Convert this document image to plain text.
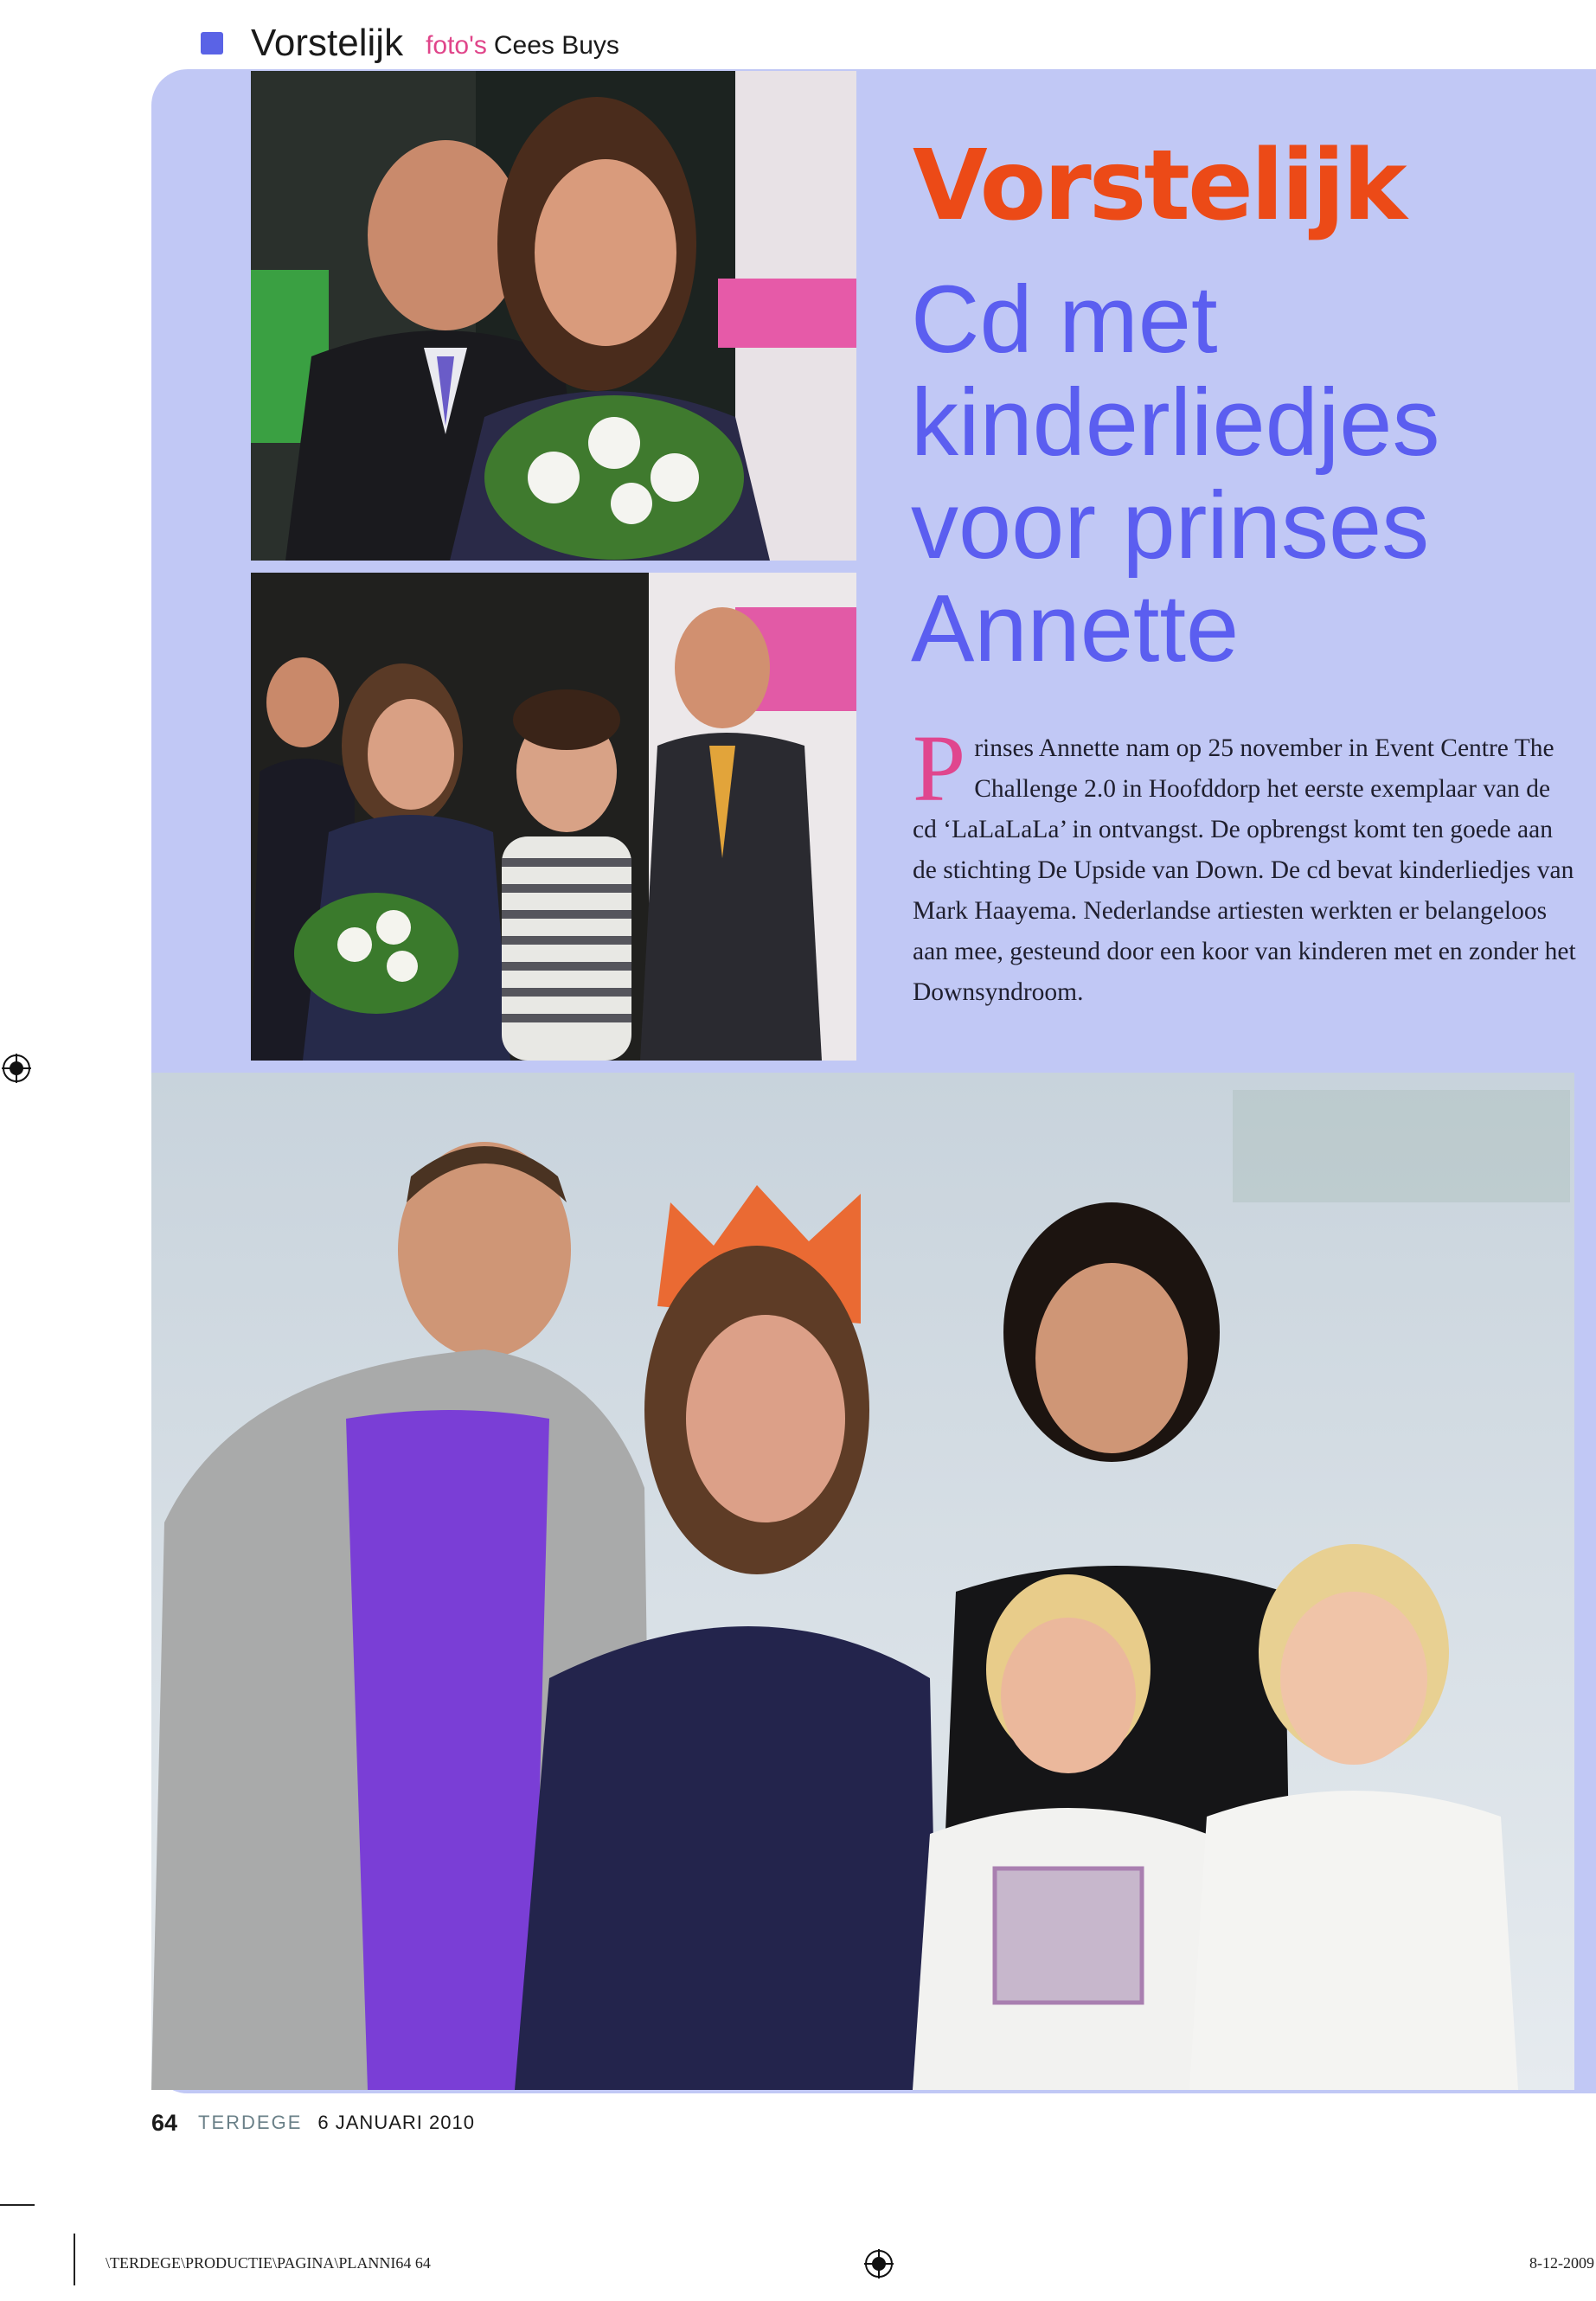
Vorstelijk foto's Cees Buys
Vorstelijk
Cd met
kinderliedjes
voor prinses
Annette
P rinses Annette nam op 25 november in Event Centre The Challenge 2.0 in Hoofddorp het eerste exemplaar van de cd ‘LaLaLaLa’ in ontvangst. De opbrengst komt ten goede aan de stichting De Upside van Down. De cd bevat kinderliedjes van Mark Haayema. Nederlandse artiesten werkten er belangeloos aan mee, gesteund door een koor van kinderen met en zonder het Downsyndroom.
64 TERDEGE 6 JANUARI 2010
\TERDEGE\PRODUCTIE\PAGINA\PLANNI64 64	8-12-2009
